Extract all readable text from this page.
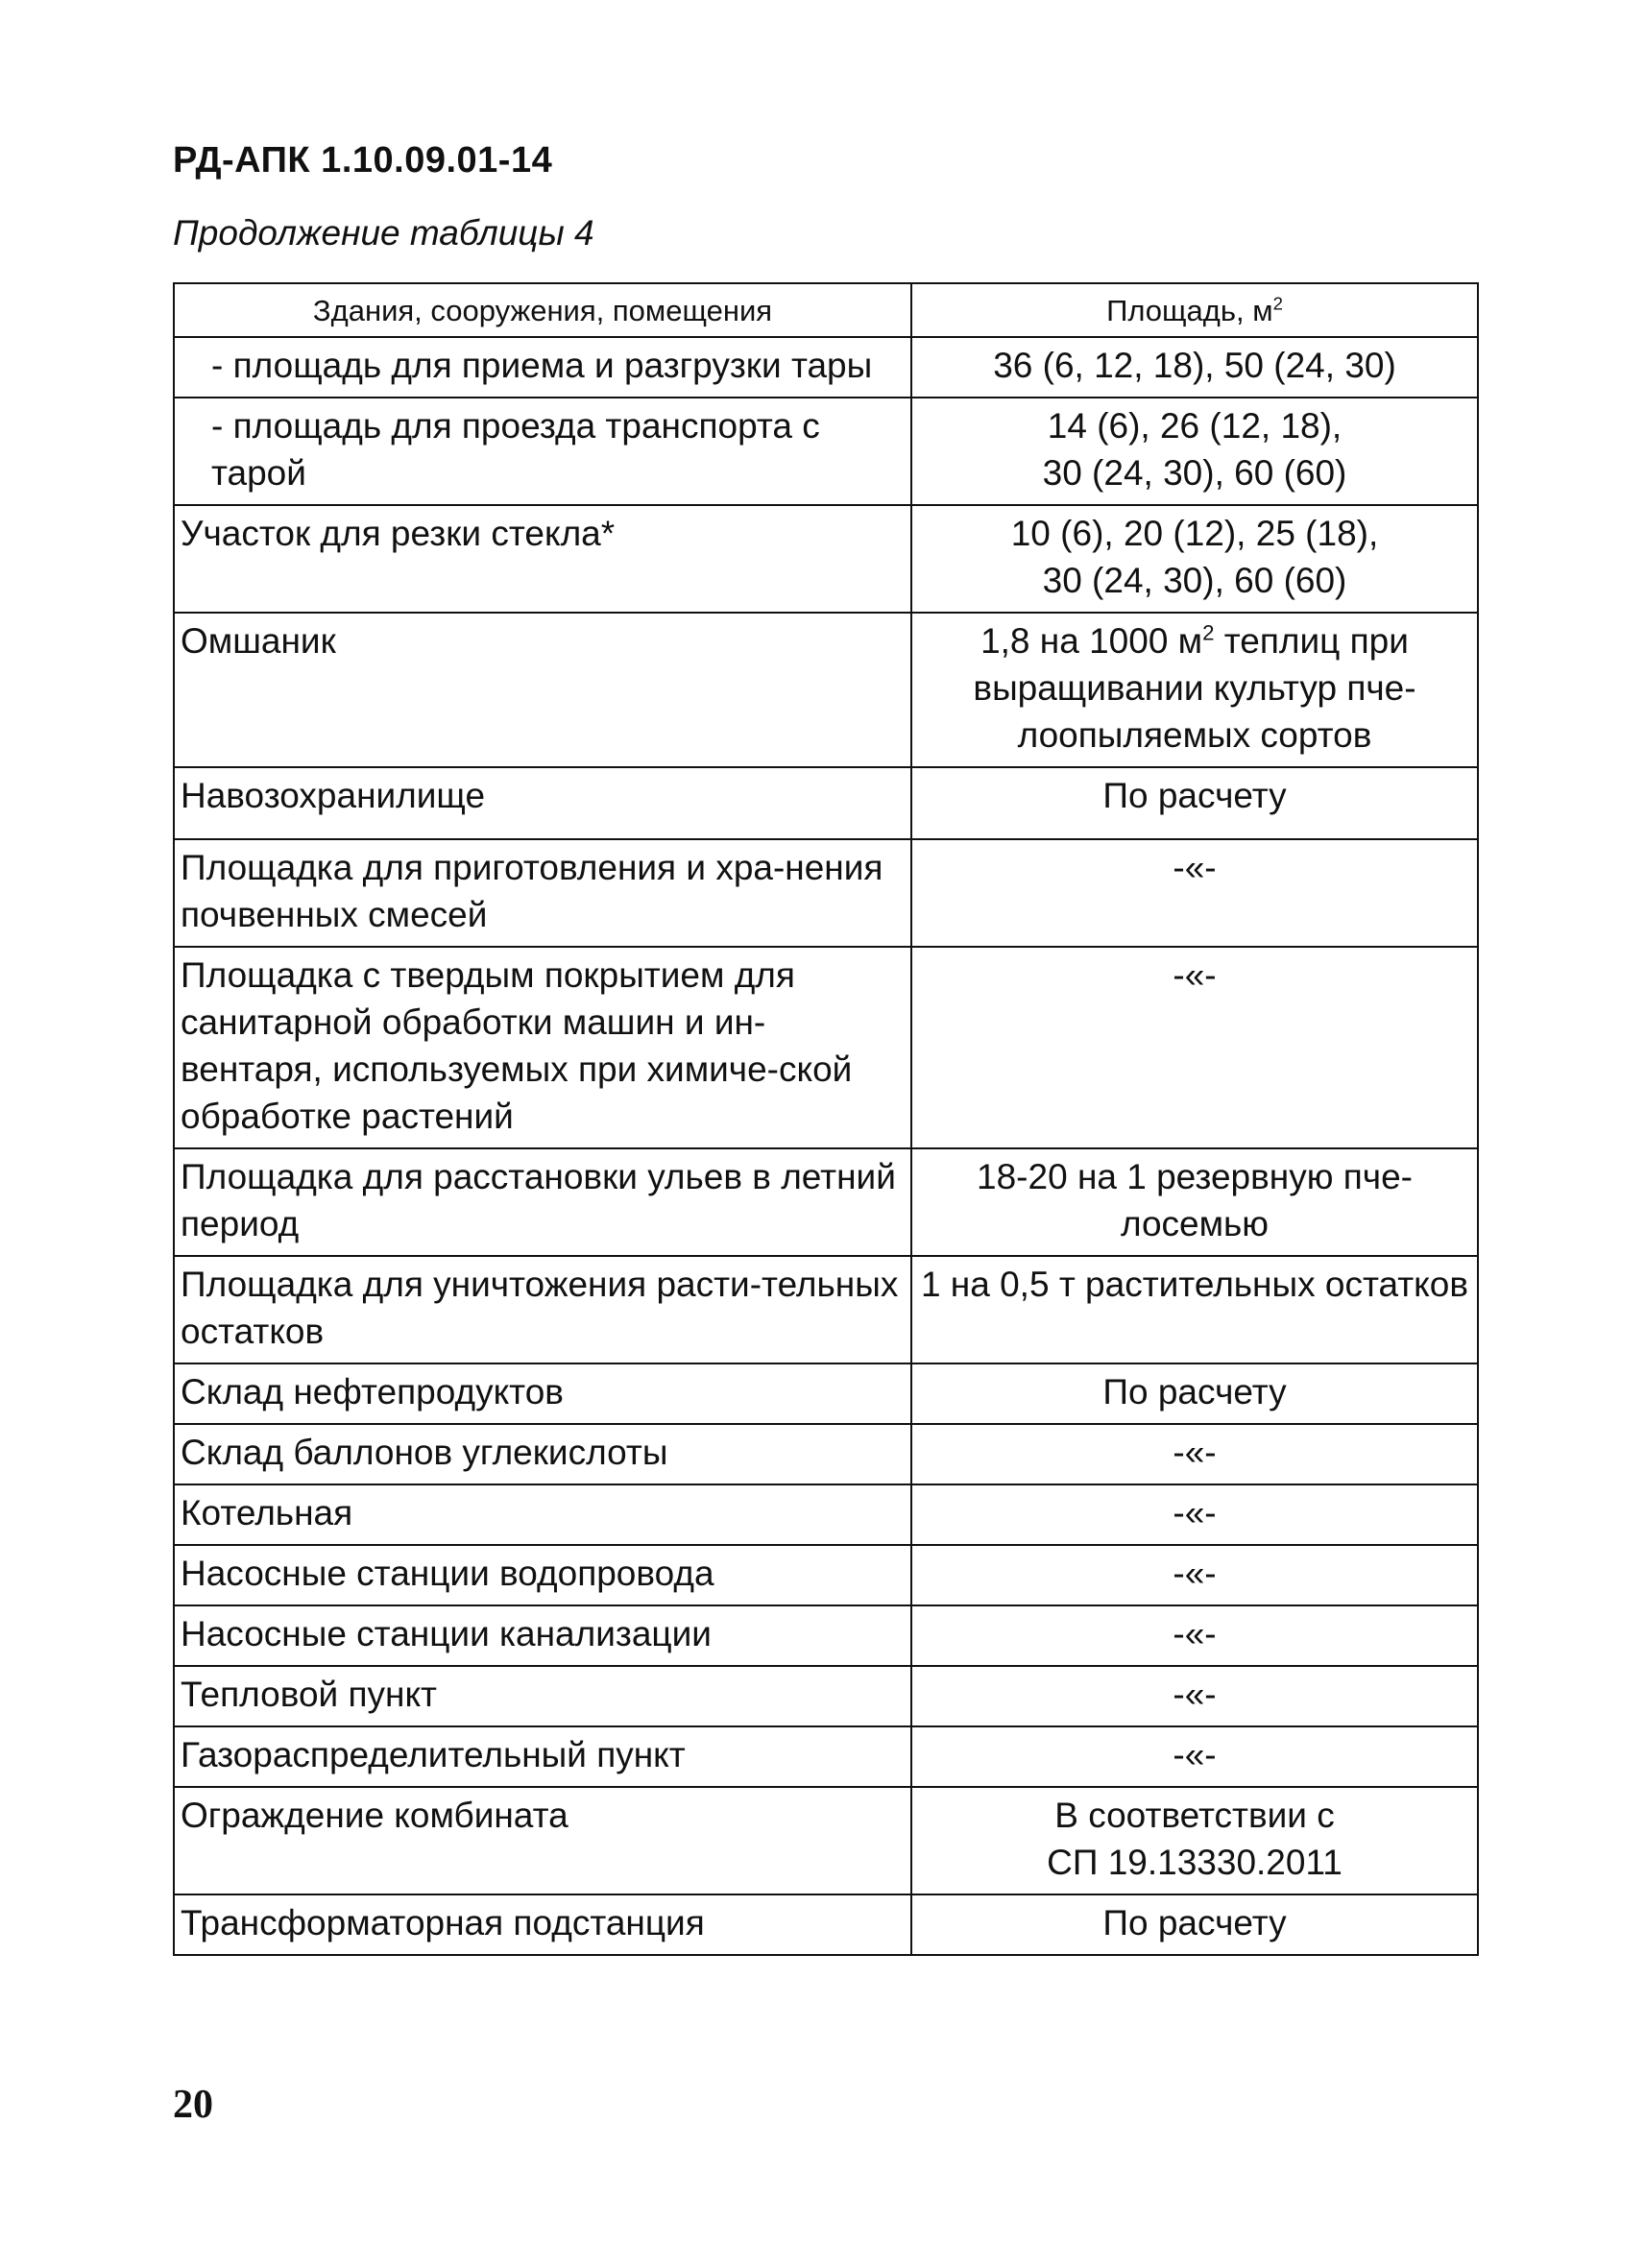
РД-АПК 1.10.09.01-14
Продолжение таблицы 4
Здания, сооружения, помещения	Площадь, $м^2$
- площадь для приема и разгрузки тары	36 (6, 12, 18), 50 (24, 30)
- площадь для проезда транспорта с тарой	14 (6), 26 (12, 18),
30 (24, 30), 60 (60)
Участок для резки стекла*	10 (6), 20 (12), 25 (18),
30 (24, 30), 60 (60)
Омшаник	1,8 на 1000 $м^2$ теплиц при выращивании культур пче-лоопыляемых сортов
Навозохранилище	По расчету
Площадка для приготовления и хра-нения почвенных смесей	-«-
Площадка с твердым покрытием для санитарной обработки машин и ин-вентаря, используемых при химиче-ской обработке растений	-«-
Площадка для расстановки ульев в летний период	18-20 на 1 резервную пче-лосемью
Площадка для уничтожения расти-тельных остатков	1 на 0,5 т растительных остатков
Склад нефтепродуктов	По расчету
Склад баллонов углекислоты	-«-
Котельная	-«-
Насосные станции водопровода	-«-
Насосные станции канализации	-«-
Тепловой пункт	-«-
Газораспределительный пункт	-«-
Ограждение комбината	В соответствии с
СП 19.13330.2011
Трансформаторная подстанция	По расчету
20
